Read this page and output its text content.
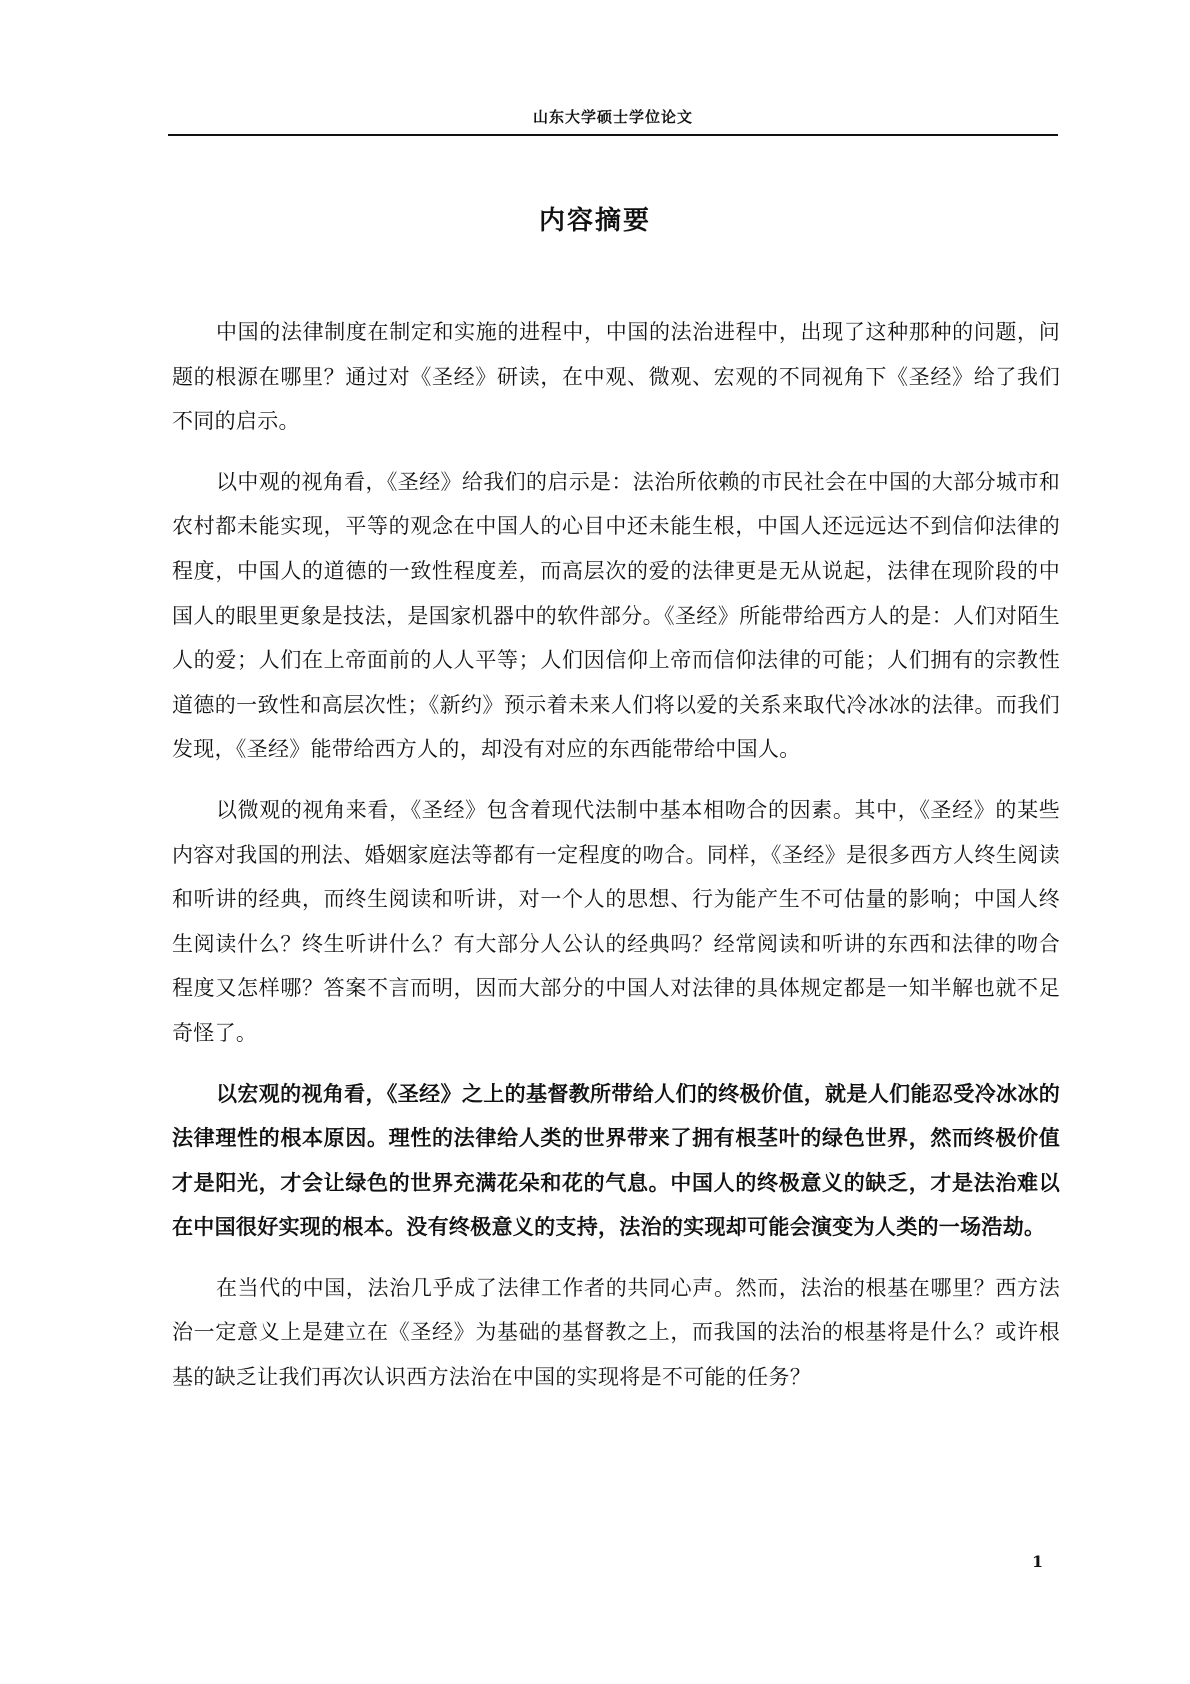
山东大学硕士学位论文
内容摘要

中国的法律制度在制定和实施的进程中，中国的法治进程中，出现了这种那种的问题，问题的根源在哪里？通过对《圣经》研读，在中观、微观、宏观的不同视角下《圣经》给了我们不同的启示。

以中观的视角看，《圣经》给我们的启示是：法治所依赖的市民社会在中国的大部分城市和农村都未能实现，平等的观念在中国人的心目中还未能生根，中国人还远远达不到信仰法律的程度，中国人的道德的一致性程度差，而高层次的爱的法律更是无从说起，法律在现阶段的中国人的眼里更象是技法，是国家机器中的软件部分。《圣经》所能带给西方人的是：人们对陌生人的爱；人们在上帝面前的人人平等；人们因信仰上帝而信仰法律的可能；人们拥有的宗教性道德的一致性和高层次性；《新约》预示着未来人们将以爱的关系来取代冷冰冰的法律。而我们发现，《圣经》能带给西方人的，却没有对应的东西能带给中国人。

以微观的视角来看，《圣经》包含着现代法制中基本相吻合的因素。其中，《圣经》的某些内容对我国的刑法、婚姻家庭法等都有一定程度的吻合。同样，《圣经》是很多西方人终生阅读和听讲的经典，而终生阅读和听讲，对一个人的思想、行为能产生不可估量的影响；中国人终生阅读什么？终生听讲什么？有大部分人公认的经典吗？经常阅读和听讲的东西和法律的吻合程度又怎样哪？答案不言而明，因而大部分的中国人对法律的具体规定都是一知半解也就不足奇怪了。

以宏观的视角看，《圣经》之上的基督教所带给人们的终极价值，就是人们能忍受冷冰冰的法律理性的根本原因。理性的法律给人类的世界带来了拥有根茎叶的绿色世界，然而终极价值才是阳光，才会让绿色的世界充满花朵和花的气息。中国人的终极意义的缺乏，才是法治难以在中国很好实现的根本。没有终极意义的支持，法治的实现却可能会演变为人类的一场浩劫。

在当代的中国，法治几乎成了法律工作者的共同心声。然而，法治的根基在哪里？西方法治一定意义上是建立在《圣经》为基础的基督教之上，而我国的法治的根基将是什么？或许根基的缺乏让我们再次认识西方法治在中国的实现将是不可能的任务？

1
